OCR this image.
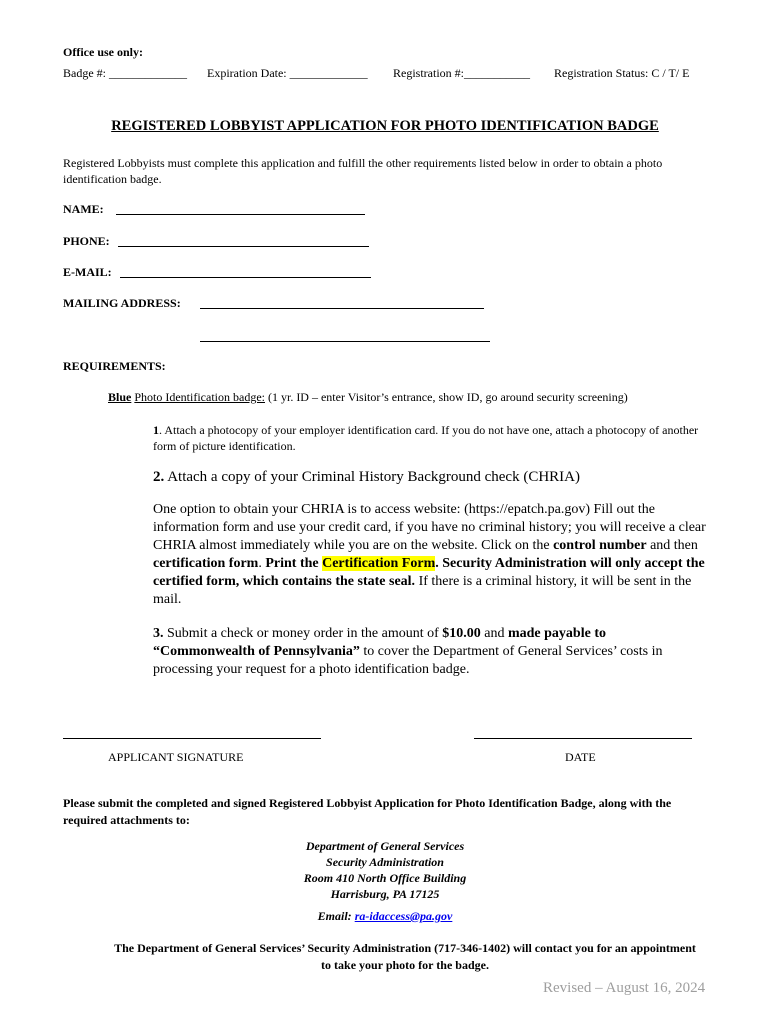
Office use only:
Badge #: _____________ Expiration Date: _____________ Registration #:___________ Registration Status: C / T/ E
REGISTERED LOBBYIST APPLICATION FOR PHOTO IDENTIFICATION BADGE
Registered Lobbyists must complete this application and fulfill the other requirements listed below in order to obtain a photo identification badge.
NAME:
PHONE:
E-MAIL:
MAILING ADDRESS:
REQUIREMENTS:
Blue Photo Identification badge: (1 yr. ID – enter Visitor’s entrance, show ID, go around security screening)
1. Attach a photocopy of your employer identification card. If you do not have one, attach a photocopy of another form of picture identification.
2. Attach a copy of your Criminal History Background check (CHRIA)
One option to obtain your CHRIA is to access website: (https://epatch.pa.gov) Fill out the information form and use your credit card, if you have no criminal history; you will receive a clear CHRIA almost immediately while you are on the website. Click on the control number and then certification form. Print the Certification Form. Security Administration will only accept the certified form, which contains the state seal. If there is a criminal history, it will be sent in the mail.
3. Submit a check or money order in the amount of $10.00 and made payable to “Commonwealth of Pennsylvania” to cover the Department of General Services’ costs in processing your request for a photo identification badge.
APPLICANT SIGNATURE	DATE
Please submit the completed and signed Registered Lobbyist Application for Photo Identification Badge, along with the required attachments to:
Department of General Services
Security Administration
Room 410 North Office Building
Harrisburg, PA 17125
Email: ra-idaccess@pa.gov
The Department of General Services’ Security Administration (717-346-1402) will contact you for an appointment to take your photo for the badge.
Revised – August 16, 2024
